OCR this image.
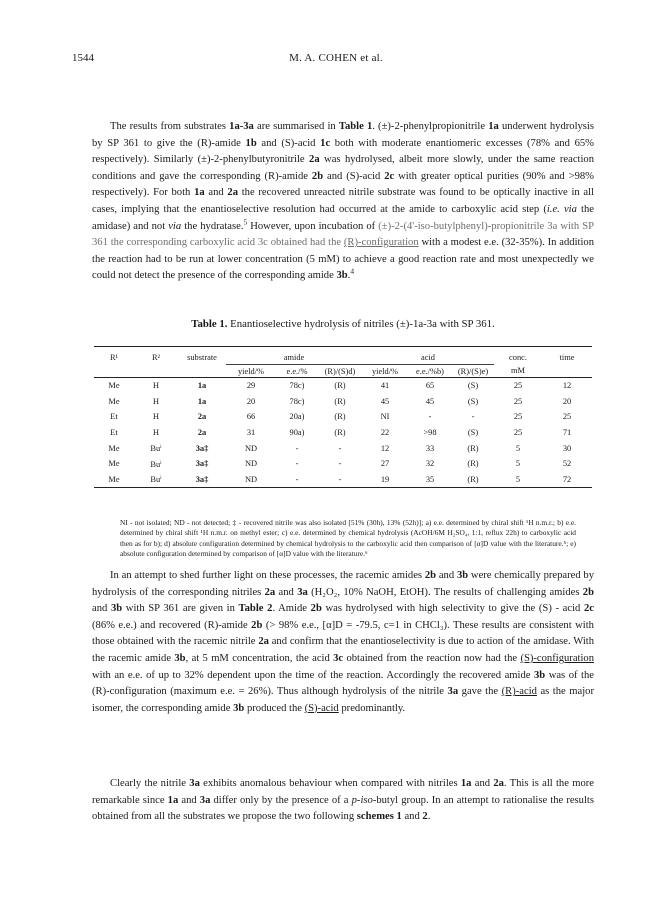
1544	M. A. COHEN et al.

The results from substrates 1a-3a are summarised in Table 1. (±)-2-phenylpropionitrile 1a underwent hydrolysis by SP 361 to give the (R)-amide 1b and (S)-acid 1c both with moderate enantiomeric excesses (78% and 65% respectively). Similarly (±)-2-phenylbutyronitrile 2a was hydrolysed, albeit more slowly, under the same reaction conditions and gave the corresponding (R)-amide 2b and (S)-acid 2c with greater optical purities (90% and >98% respectively). For both 1a and 2a the recovered unreacted nitrile substrate was found to be optically inactive in all cases, implying that the enantioselective resolution had occurred at the amide to carboxylic acid step (i.e. via the amidase) and not via the hydratase.$^5$ However, upon incubation of (±)-2-(4'-iso-butylphenyl)-propionitrile 3a with SP 361 the corresponding carboxylic acid 3c obtained had the (R)-configuration with a modest e.e. (32-35%). In addition the reaction had to be run at lower concentration (5 mM) to achieve a good reaction rate and most unexpectedly we could not detect the presence of the corresponding amide 3b.$^4$

Table 1. Enantioselective hydrolysis of nitriles (±)-1a-3a with SP 361.
R¹	R²	substrate	amide			acid			conc.	time
			yield/%	e.e./%	(R)/(S)d)	yield/%	e.e./%b)	(R)/(S)e)	mM	
Me	H	1a	29	78c)	(R)	41	65	(S)	25	12
Me	H	1a	20	78c)	(R)	45	45	(S)	25	20
Et	H	2a	66	20a)	(R)	NI	-	-	25	25
Et	H	2a	31	90a)	(R)	22	>98	(S)	25	71
Me	Buⁱ	3a‡	ND	-	-	12	33	(R)	5	30
Me	Buⁱ	3a‡	ND	-	-	27	32	(R)	5	52
Me	Buⁱ	3a‡	ND	-	-	19	35	(R)	5	72
NI - not isolated; ND - not detected; ‡ - recovered nitrile was also isolated [51% (30h), 13% (52h)]; a) e.e. determined by chiral shift ¹H n.m.r.; b) e.e. determined by chiral shift ¹H n.m.r. on methyl ester; c) e.e. determined by chemical hydrolysis (AcOH/6M H₂SO₄, 1:1, reflux 22h) to carboxylic acid then as for b); d) absolute configuration determined by chemical hydrolysis to the carboxylic acid then comparison of [α]D value with the literature.⁵; e) absolute configuration determined by comparison of [α]D value with the literature.⁶

In an attempt to shed further light on these processes, the racemic amides 2b and 3b were chemically prepared by hydrolysis of the corresponding nitriles 2a and 3a (H₂O₂, 10% NaOH, EtOH). The results of challenging amides 2b and 3b with SP 361 are given in Table 2. Amide 2b was hydrolysed with high selectivity to give the (S) - acid 2c (86% e.e.) and recovered (R)-amide 2b (> 98% e.e., [α]D = -79.5, c=1 in CHCl₃). These results are consistent with those obtained with the racemic nitrile 2a and confirm that the enantioselectivity is due to action of the amidase. With the racemic amide 3b, at 5 mM concentration, the acid 3c obtained from the reaction now had the (S)-configuration with an e.e. of up to 32% dependent upon the time of the reaction. Accordingly the recovered amide 3b was of the (R)-configuration (maximum e.e. = 26%). Thus although hydrolysis of the nitrile 3a gave the (R)-acid as the major isomer, the corresponding amide 3b produced the (S)-acid predominantly.

Clearly the nitrile 3a exhibits anomalous behaviour when compared with nitriles 1a and 2a. This is all the more remarkable since 1a and 3a differ only by the presence of a p-iso-butyl group. In an attempt to rationalise the results obtained from all the substrates we propose the two following schemes 1 and 2.
